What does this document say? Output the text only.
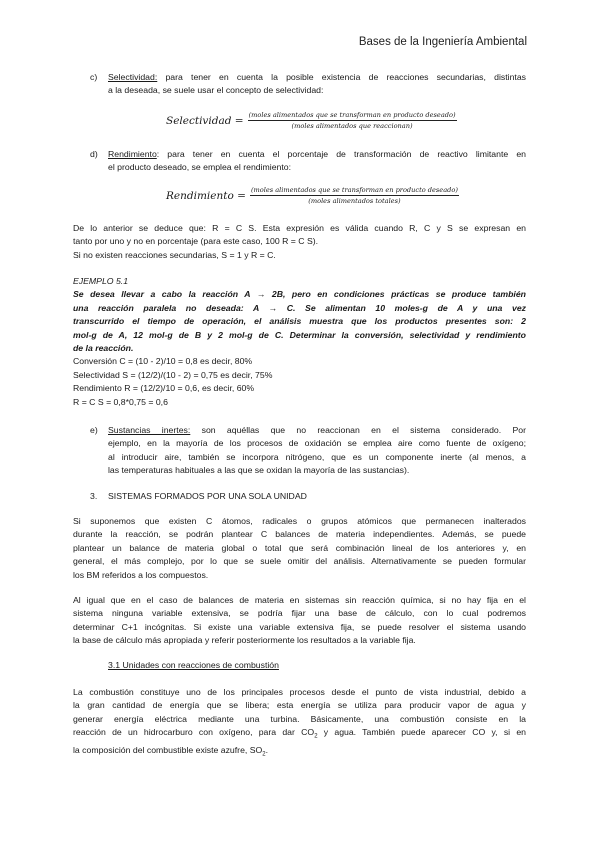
Bases de la Ingeniería Ambiental
c) Selectividad: para tener en cuenta la posible existencia de reacciones secundarias, distintas
a la deseada, se suele usar el concepto de selectividad:
Selectividad = $\frac{\text{(moles alimentados que se transforman en producto deseado)}}{\text{(moles alimentados que reaccionan)}}$
d) Rendimiento: para tener en cuenta el porcentaje de transformación de reactivo limitante en
el producto deseado, se emplea el rendimiento:
Rendimiento = $\frac{\text{(moles alimentados que se transforman en producto deseado)}}{\text{(moles alimentados totales)}}$
De lo anterior se deduce que: R = C S. Esta expresión es válida cuando R, C y S se expresan en
tanto por uno y no en porcentaje (para este caso, 100 R = C S).
Si no existen reacciones secundarias, S = 1 y R = C.
EJEMPLO 5.1
Se desea llevar a cabo la reacción A → 2B, pero en condiciones prácticas se produce también
una reacción paralela no deseada: A → C. Se alimentan 10 moles-g de A y una vez
transcurrido el tiempo de operación, el análisis muestra que los productos presentes son: 2
mol-g de A, 12 mol-g de B y 2 mol-g de C. Determinar la conversión, selectividad y rendimiento
de la reacción.
Conversión C = (10 - 2)/10 = 0,8 es decir, 80%
Selectividad S = (12/2)/(10 - 2) = 0,75 es decir, 75%
Rendimiento R = (12/2)/10 = 0,6, es decir, 60%
R = C S = 0,8*0,75 = 0,6
e) Sustancias inertes: son aquéllas que no reaccionan en el sistema considerado. Por
ejemplo, en la mayoría de los procesos de oxidación se emplea aire como fuente de oxígeno;
al introducir aire, también se incorpora nitrógeno, que es un componente inerte (al menos, a
las temperaturas habituales a las que se oxidan la mayoría de las sustancias).
3. SISTEMAS FORMADOS POR UNA SOLA UNIDAD
Si suponemos que existen C átomos, radicales o grupos atómicos que permanecen inalterados
durante la reacción, se podrán plantear C balances de materia independientes. Además, se puede
plantear un balance de materia global o total que será combinación lineal de los anteriores y, en
general, el más complejo, por lo que se suele omitir del análisis. Alternativamente se pueden formular
los BM referidos a los compuestos.
Al igual que en el caso de balances de materia en sistemas sin reacción química, si no hay fija en el
sistema ninguna variable extensiva, se podría fijar una base de cálculo, con lo cual podremos
determinar C+1 incógnitas. Si existe una variable extensiva fija, se puede resolver el sistema usando
la base de cálculo más apropiada y referir posteriormente los resultados a la variable fija.
3.1 Unidades con reacciones de combustión
La combustión constituye uno de los principales procesos desde el punto de vista industrial, debido a
la gran cantidad de energía que se libera; esta energía se utiliza para producir vapor de agua y
generar energía eléctrica mediante una turbina. Básicamente, una combustión consiste en la
reacción de un hidrocarburo con oxígeno, para dar $CO_2$ y agua. También puede aparecer CO y, si en
la composición del combustible existe azufre, $SO_2$.
